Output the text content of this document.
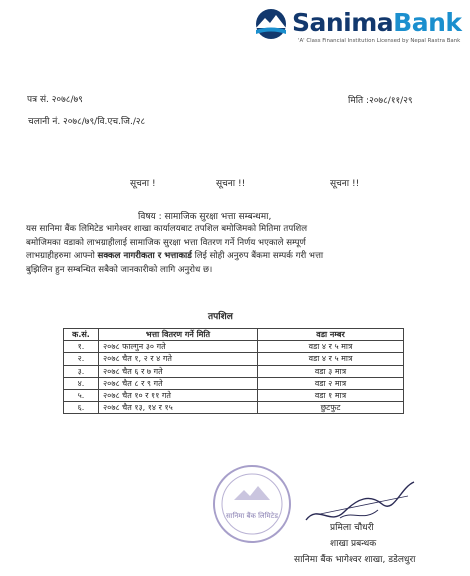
SanimaBank
'A' Class Financial Institution Licensed by Nepal Rastra Bank
पत्र सं. २०७८/७९
चलानी नं. २०७८/७९/वि.एच.जि./२८
मिति :२०७८/११/२९
सूचना !	सूचना !!	सूचना !!
विषय : सामाजिक सुरक्षा भत्ता सम्बन्धमा,
यस सानिमा बैंक लिमिटेड भागेश्वर शाखा कार्यालयबाट तपशिल बमोजिमको मितिमा तपशिल
बमोजिमका वडाको लाभग्राहीलाई सामाजिक सुरक्षा भत्ता वितरण गर्ने निर्णय भएकाले सम्पूर्ण
लाभग्राहीहरुमा आफ्नो सक्कल नागरीकता र भत्ताकार्ड लिई सोही अनुरुप बैंकमा सम्पर्क गरी भत्ता
बुझिलिन हुन सम्बन्धित सबैको जानकारीको लागि अनुरोध छ।
तपशिल
क.सं.	भत्ता वितरण गर्ने मिति	वडा नम्बर
१.	२०७८ फाल्गुन ३० गते	वडा ४ र ५ मात्र
२.	२०७८ चैत १, २ र ४ गते	वडा ४ र ५ मात्र
३.	२०७८ चैत ६ र ७ गते	वडा ३ मात्र
४.	२०७८ चैत ८ र ९ गते	वडा २ मात्र
५.	२०७८ चैत १० र ११ गते	वडा १ मात्र
६.	२०७८ चैत १३, १४ र १५	छुटफुट
सानिमा बैंक लिमिटेड
प्रमिला चौधरी
शाखा प्रबन्धक
सानिमा बैंक भागेश्वर शाखा, डडेलधुरा
